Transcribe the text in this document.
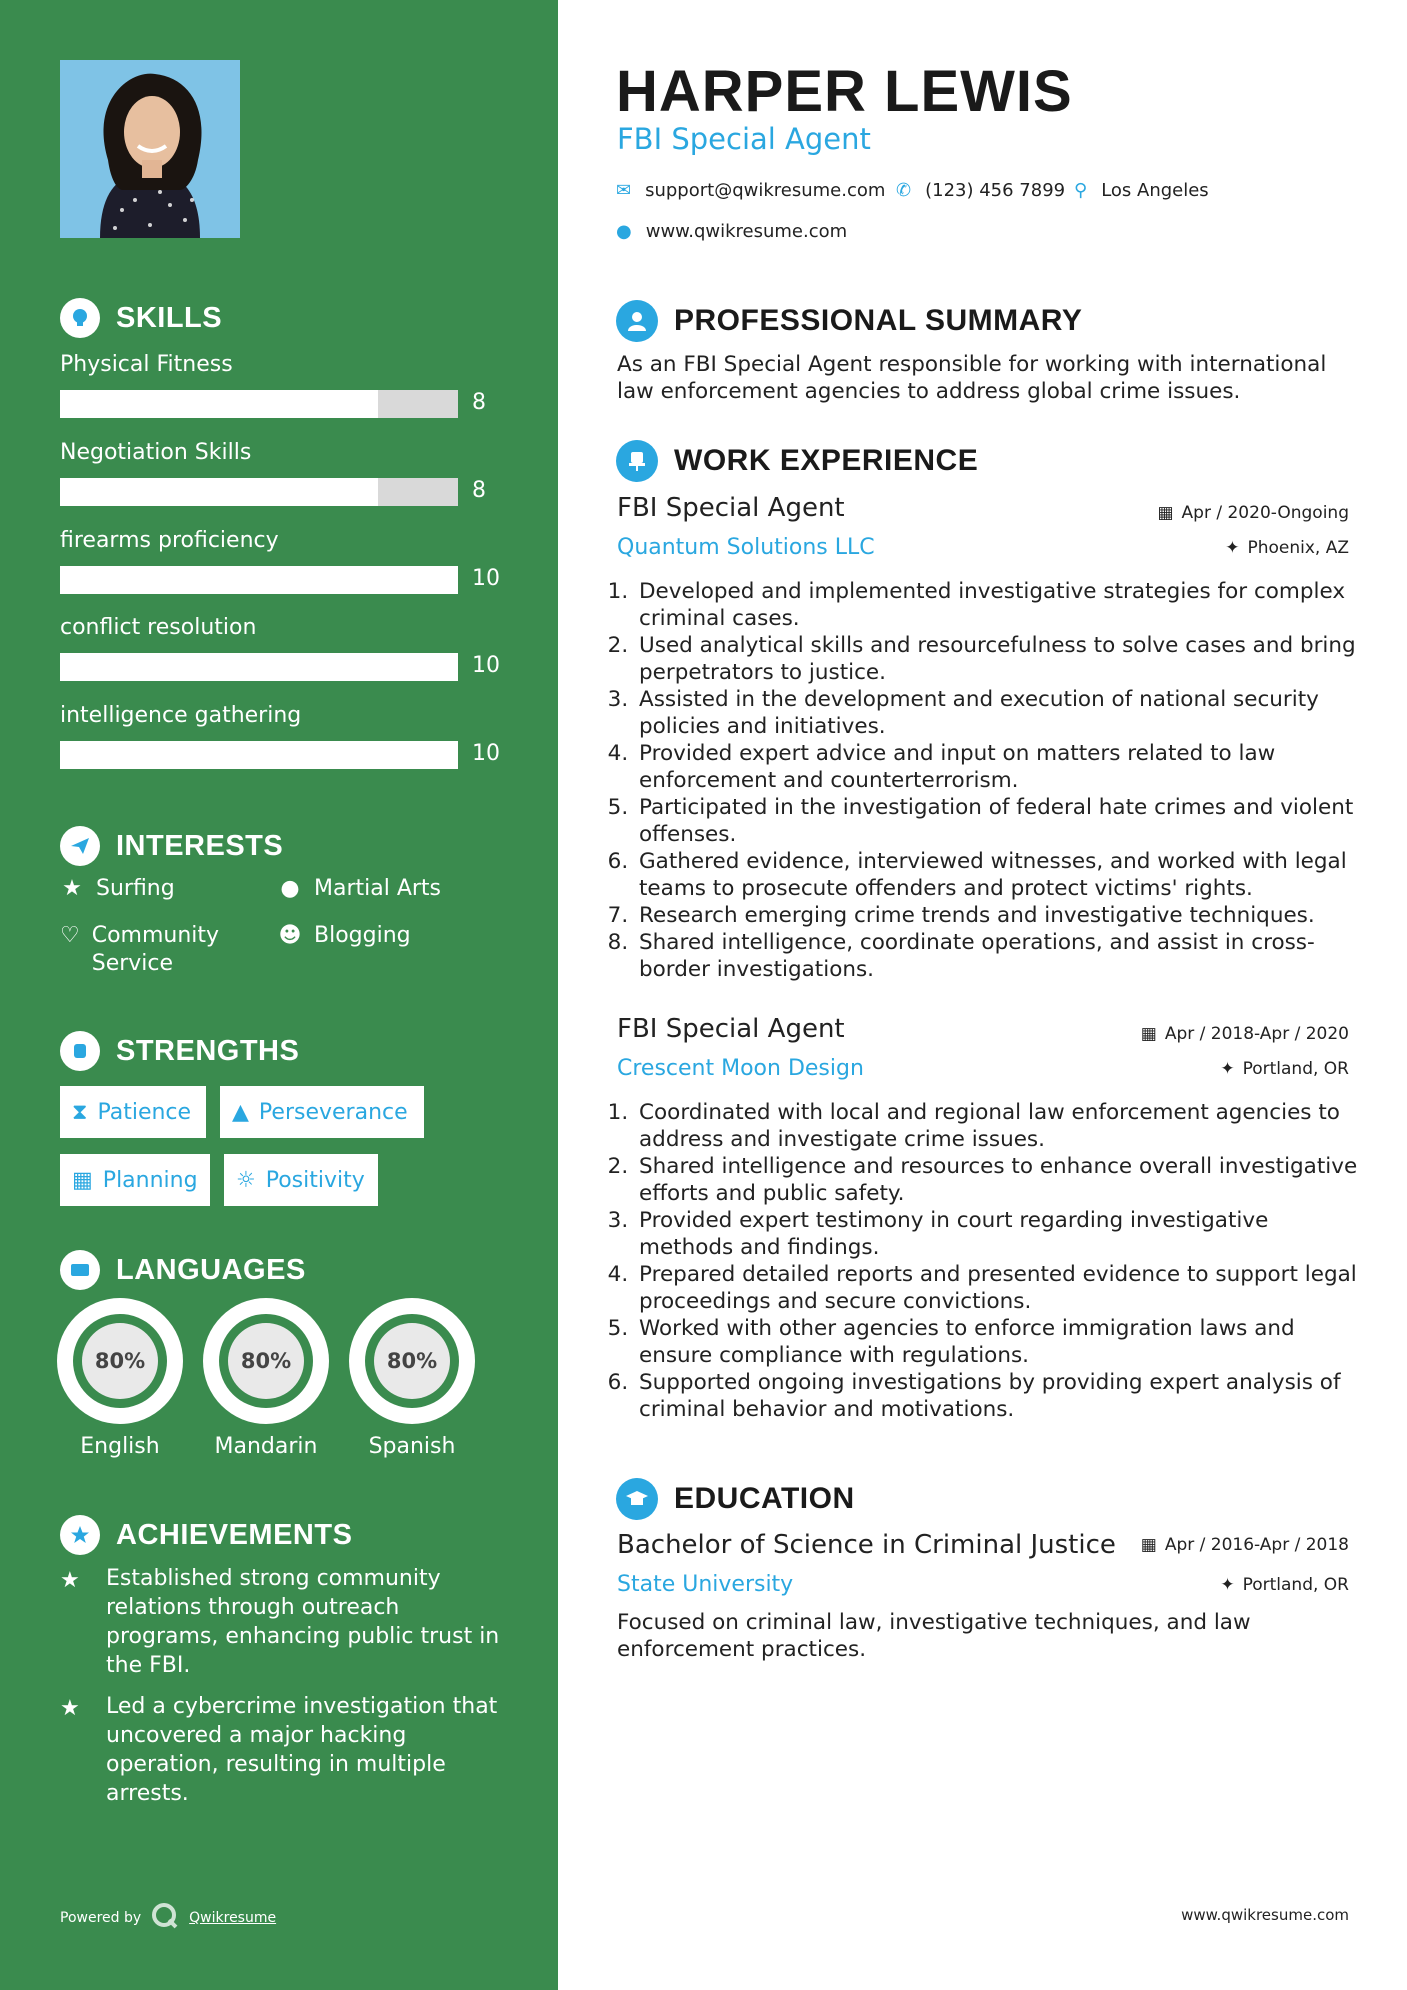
SKILLS
Physical Fitness
8
Negotiation Skills
8
firearms proficiency
10
conflict resolution
10
intelligence gathering
10
INTERESTS
★ Surfing	● Martial Arts
♡ Community Service
☻ Blogging
STRENGTHS
⧗ Patience ▲ Perseverance
▦ Planning ☼ Positivity
LANGUAGES
80%
English
80%
Mandarin
80%
Spanish
ACHIEVEMENTS
★	Established strong community relations through outreach programs, enhancing public trust in the FBI.
★	Led a cybercrime investigation that uncovered a major hacking operation, resulting in multiple arrests.
Powered by	Qwikresume
HARPER LEWIS
FBI Special Agent
✉ support@qwikresume.com ✆ (123) 456 7899 ⚲ Los Angeles
● www.qwikresume.com
PROFESSIONAL SUMMARY
As an FBI Special Agent responsible for working with international law enforcement agencies to address global crime issues.
WORK EXPERIENCE
FBI Special Agent	▦ Apr / 2020-Ongoing
Quantum Solutions LLC	✦ Phoenix, AZ
1. Developed and implemented investigative strategies for complex criminal cases.
2. Used analytical skills and resourcefulness to solve cases and bring perpetrators to justice.
3. Assisted in the development and execution of national security policies and initiatives.
4. Provided expert advice and input on matters related to law enforcement and counterterrorism.
5. Participated in the investigation of federal hate crimes and violent offenses.
6. Gathered evidence, interviewed witnesses, and worked with legal teams to prosecute offenders and protect victims' rights.
7. Research emerging crime trends and investigative techniques.
8. Shared intelligence, coordinate operations, and assist in cross-border investigations.
FBI Special Agent	▦ Apr / 2018-Apr / 2020
Crescent Moon Design	✦ Portland, OR
1. Coordinated with local and regional law enforcement agencies to address and investigate crime issues.
2. Shared intelligence and resources to enhance overall investigative efforts and public safety.
3. Provided expert testimony in court regarding investigative methods and findings.
4. Prepared detailed reports and presented evidence to support legal proceedings and secure convictions.
5. Worked with other agencies to enforce immigration laws and ensure compliance with regulations.
6. Supported ongoing investigations by providing expert analysis of criminal behavior and motivations.
EDUCATION
Bachelor of Science in Criminal Justice ▦ Apr / 2016-Apr / 2018
State University	✦ Portland, OR
Focused on criminal law, investigative techniques, and law enforcement practices.
www.qwikresume.com
